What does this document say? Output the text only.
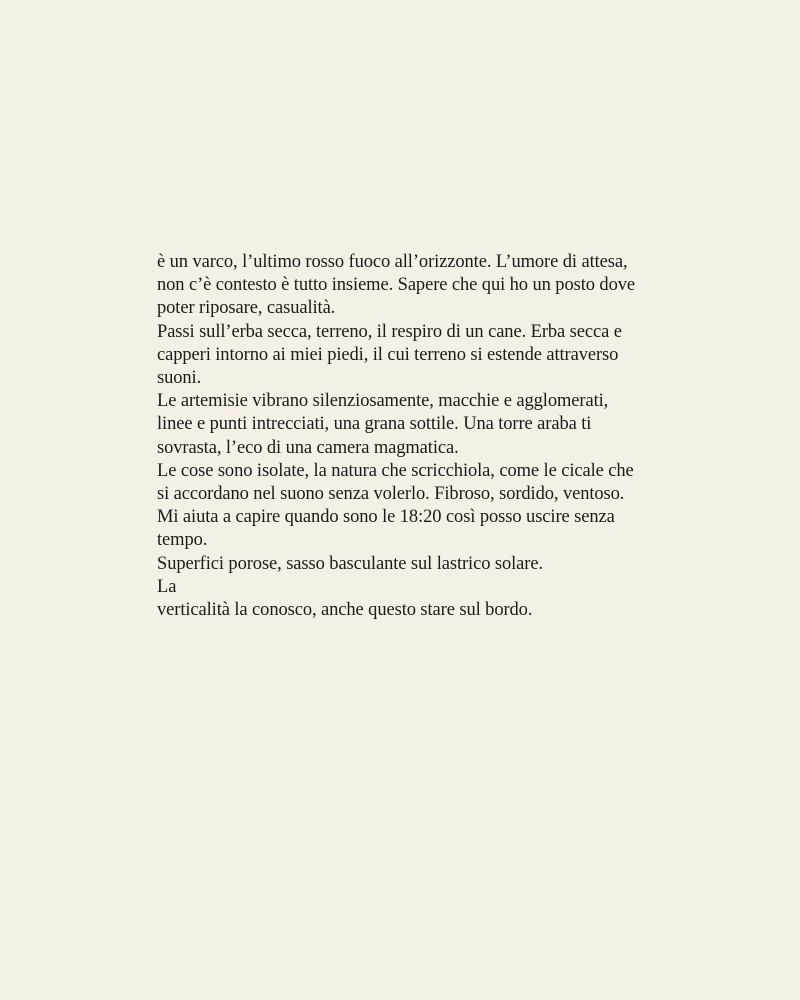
è un varco, l’ultimo rosso fuoco all’orizzonte. L’umore di attesa,
non c’è contesto è tutto insieme. Sapere che qui ho un posto dove
poter riposare, casualità.
Passi sull’erba secca, terreno, il respiro di un cane. Erba secca e
capperi intorno ai miei piedi, il cui terreno si estende attraverso
suoni.
Le artemisie vibrano silenziosamente, macchie e agglomerati,
linee e punti intrecciati, una grana sottile. Una torre araba ti
sovrasta, l’eco di una camera magmatica.
Le cose sono isolate, la natura che scricchiola, come le cicale che
si accordano nel suono senza volerlo. Fibroso, sordido, ventoso.
Mi aiuta a capire quando sono le 18:20 così posso uscire senza
tempo.
Superfici porose, sasso basculante sul lastrico solare.
La
verticalità la conosco, anche questo stare sul bordo.
